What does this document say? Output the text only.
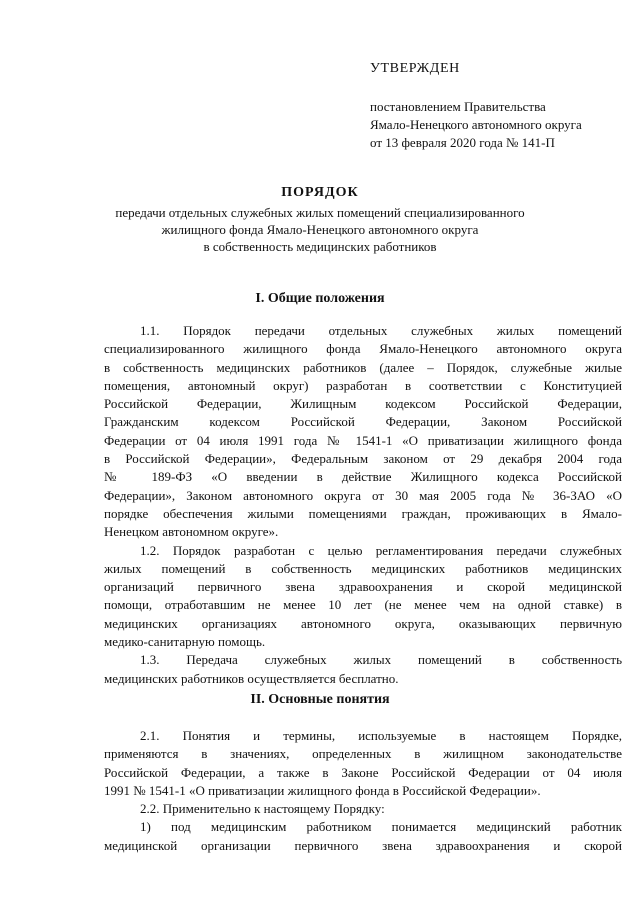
УТВЕРЖДЕН
постановлением Правительства
Ямало-Ненецкого автономного округа
от 13 февраля 2020 года № 141-П
ПОРЯДОК
передачи отдельных служебных жилых помещений специализированного
жилищного фонда Ямало-Ненецкого автономного округа
в собственность медицинских работников
I. Общие положения
1.1. Порядок передачи отдельных служебных жилых помещений
специализированного жилищного фонда Ямало-Ненецкого автономного округа
в собственность медицинских работников (далее – Порядок, служебные жилые
помещения, автономный округ) разработан в соответствии с Конституцией
Российской Федерации, Жилищным кодексом Российской Федерации,
Гражданским кодексом Российской Федерации, Законом Российской
Федерации от 04 июля 1991 года № 1541-1 «О приватизации жилищного фонда
в Российской Федерации», Федеральным законом от 29 декабря 2004 года
№ 189-ФЗ «О введении в действие Жилищного кодекса Российской
Федерации», Законом автономного округа от 30 мая 2005 года № 36-ЗАО «О
порядке обеспечения жилыми помещениями граждан, проживающих в Ямало-
Ненецком автономном округе».
1.2. Порядок разработан с целью регламентирования передачи служебных
жилых помещений в собственность медицинских работников медицинских
организаций первичного звена здравоохранения и скорой медицинской
помощи, отработавшим не менее 10 лет (не менее чем на одной ставке) в
медицинских организациях автономного округа, оказывающих первичную
медико-санитарную помощь.
1.3. Передача служебных жилых помещений в собственность
медицинских работников осуществляется бесплатно.
II. Основные понятия
2.1. Понятия и термины, используемые в настоящем Порядке,
применяются в значениях, определенных в жилищном законодательстве
Российской Федерации, а также в Законе Российской Федерации от 04 июля
1991 № 1541-1 «О приватизации жилищного фонда в Российской Федерации».
2.2. Применительно к настоящему Порядку:
1) под медицинским работником понимается медицинский работник
медицинской организации первичного звена здравоохранения и скорой
